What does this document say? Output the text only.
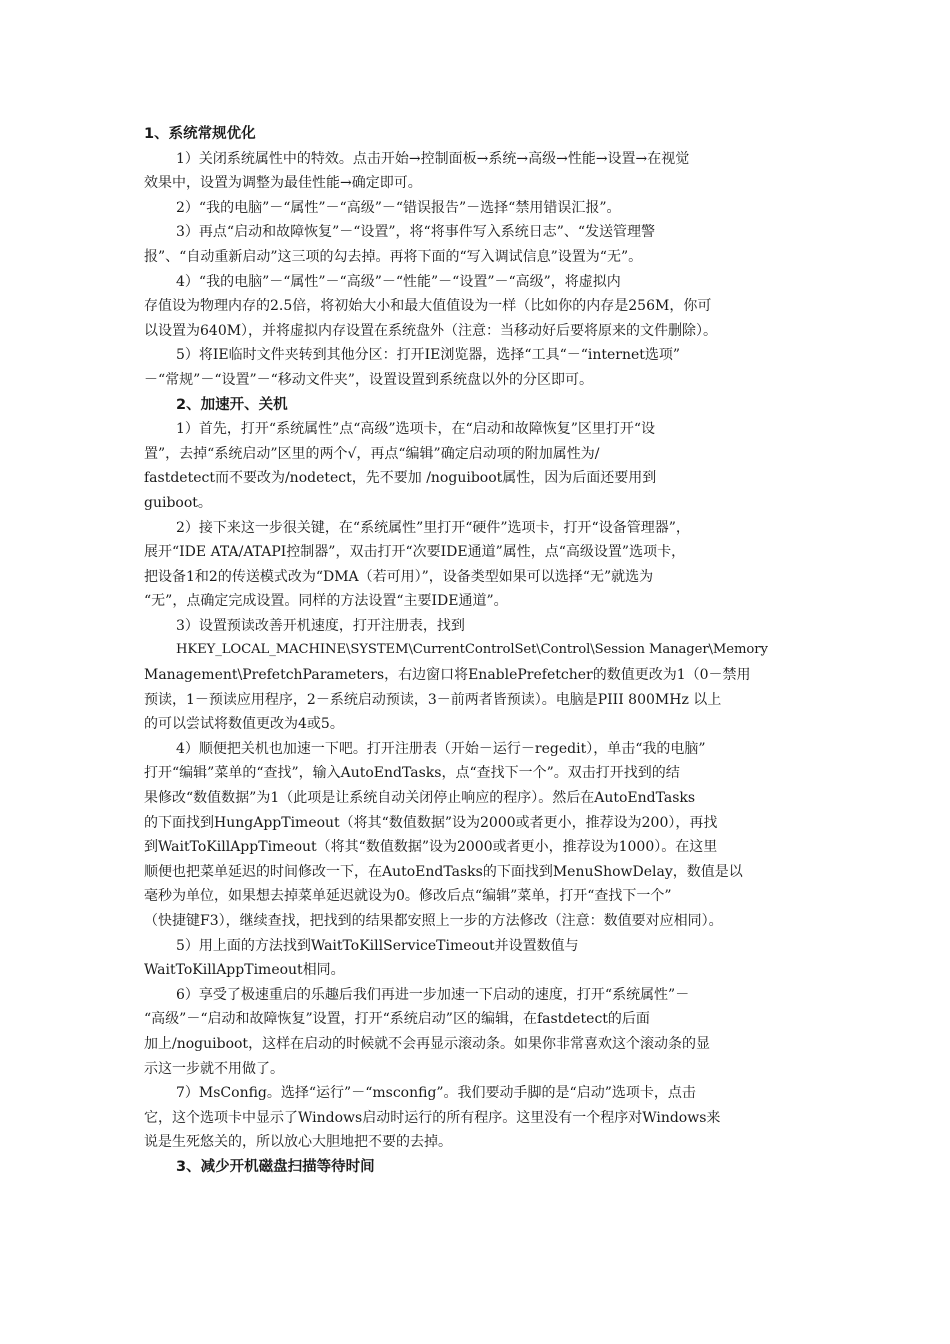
1、系统常规优化
1）关闭系统属性中的特效。点击开始→控制面板→系统→高级→性能→设置→在视觉
效果中，设置为调整为最佳性能→确定即可。
2）“我的电脑”－“属性”－“高级”－“错误报告”－选择“禁用错误汇报”。
3）再点“启动和故障恢复”－“设置”，将“将事件写入系统日志”、“发送管理警
报”、“自动重新启动”这三项的勾去掉。再将下面的“写入调试信息”设置为“无”。
4）“我的电脑”－“属性”－“高级”－“性能”－“设置”－“高级”，将虚拟内
存值设为物理内存的2.5倍，将初始大小和最大值值设为一样（比如你的内存是256M，你可
以设置为640M），并将虚拟内存设置在系统盘外（注意：当移动好后要将原来的文件删除）。
5）将IE临时文件夹转到其他分区：打开IE浏览器，选择“工具“－“internet选项”
－“常规”－“设置”－“移动文件夹”，设置设置到系统盘以外的分区即可。
2、加速开、关机
1）首先，打开“系统属性”点“高级”选项卡，在“启动和故障恢复”区里打开“设
置”，去掉“系统启动”区里的两个√，再点“编辑”确定启动项的附加属性为/
fastdetect而不要改为/nodetect，先不要加 /noguiboot属性，因为后面还要用到
guiboot。
2）接下来这一步很关键，在“系统属性”里打开“硬件”选项卡，打开“设备管理器”，
展开“IDE ATA/ATAPI控制器”，双击打开“次要IDE通道”属性，点“高级设置”选项卡，
把设备1和2的传送模式改为“DMA（若可用）”，设备类型如果可以选择“无”就选为
“无”，点确定完成设置。同样的方法设置“主要IDE通道”。
3）设置预读改善开机速度，打开注册表，找到
HKEY_LOCAL_MACHINE\SYSTEM\CurrentControlSet\Control\Session Manager\Memory
Management\PrefetchParameters，右边窗口将EnablePrefetcher的数值更改为1（0－禁用
预读，1－预读应用程序，2－系统启动预读，3－前两者皆预读）。电脑是PIII 800MHz 以上
的可以尝试将数值更改为4或5。
4）顺便把关机也加速一下吧。打开注册表（开始－运行－regedit），单击“我的电脑”
打开“编辑”菜单的“查找”，输入AutoEndTasks，点“查找下一个”。双击打开找到的结
果修改“数值数据”为1（此项是让系统自动关闭停止响应的程序）。然后在AutoEndTasks
的下面找到HungAppTimeout（将其“数值数据”设为2000或者更小，推荐设为200），再找
到WaitToKillAppTimeout（将其“数值数据”设为2000或者更小，推荐设为1000）。在这里
顺便也把菜单延迟的时间修改一下，在AutoEndTasks的下面找到MenuShowDelay，数值是以
毫秒为单位，如果想去掉菜单延迟就设为0。修改后点“编辑”菜单，打开“查找下一个”
（快捷键F3），继续查找，把找到的结果都安照上一步的方法修改（注意：数值要对应相同）。
5）用上面的方法找到WaitToKillServiceTimeout并设置数值与
WaitToKillAppTimeout相同。
6）享受了极速重启的乐趣后我们再进一步加速一下启动的速度，打开“系统属性”－
“高级”－“启动和故障恢复”设置，打开“系统启动”区的编辑，在fastdetect的后面
加上/noguiboot，这样在启动的时候就不会再显示滚动条。如果你非常喜欢这个滚动条的显
示这一步就不用做了。
7）MsConfig。选择“运行”－“msconfig”。我们要动手脚的是“启动”选项卡，点击
它，这个选项卡中显示了Windows启动时运行的所有程序。这里没有一个程序对Windows来
说是生死悠关的，所以放心大胆地把不要的去掉。
3、减少开机磁盘扫描等待时间
